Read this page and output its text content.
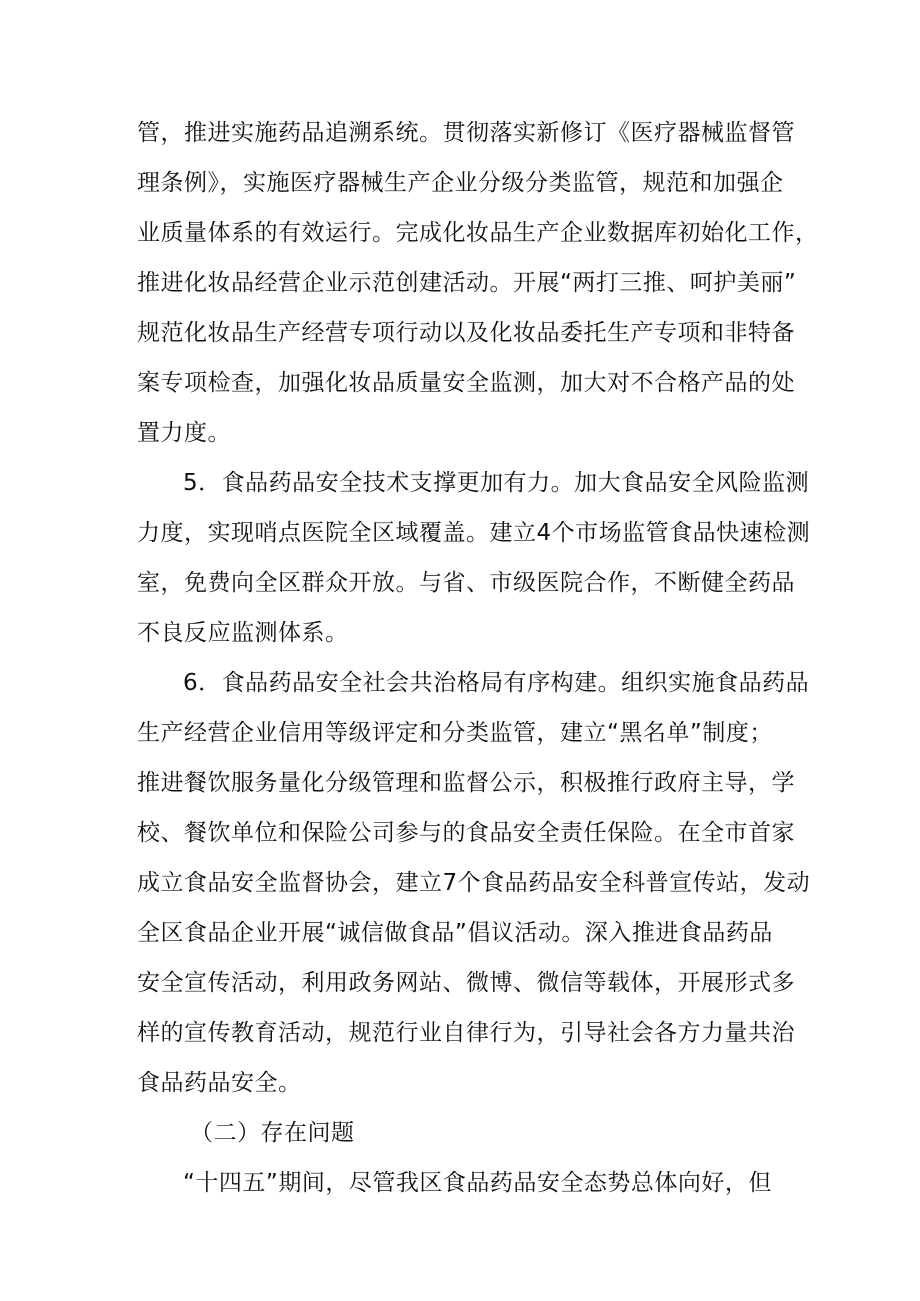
管，推进实施药品追溯系统。贯彻落实新修订《医疗器械监督管
理条例》，实施医疗器械生产企业分级分类监管，规范和加强企
业质量体系的有效运行。完成化妆品生产企业数据库初始化工作，
推进化妆品经营企业示范创建活动。开展“两打三推、呵护美丽”
规范化妆品生产经营专项行动以及化妆品委托生产专项和非特备
案专项检查，加强化妆品质量安全监测，加大对不合格产品的处
置力度。
5．食品药品安全技术支撑更加有力。加大食品安全风险监测
力度，实现哨点医院全区域覆盖。建立4个市场监管食品快速检测
室，免费向全区群众开放。与省、市级医院合作，不断健全药品
不良反应监测体系。
6．食品药品安全社会共治格局有序构建。组织实施食品药品
生产经营企业信用等级评定和分类监管，建立“黑名单”制度；
推进餐饮服务量化分级管理和监督公示，积极推行政府主导，学
校、餐饮单位和保险公司参与的食品安全责任保险。在全市首家
成立食品安全监督协会，建立7个食品药品安全科普宣传站，发动
全区食品企业开展“诚信做食品”倡议活动。深入推进食品药品
安全宣传活动，利用政务网站、微博、微信等载体，开展形式多
样的宣传教育活动，规范行业自律行为，引导社会各方力量共治
食品药品安全。
（二）存在问题
“十四五”期间，尽管我区食品药品安全态势总体向好，但
